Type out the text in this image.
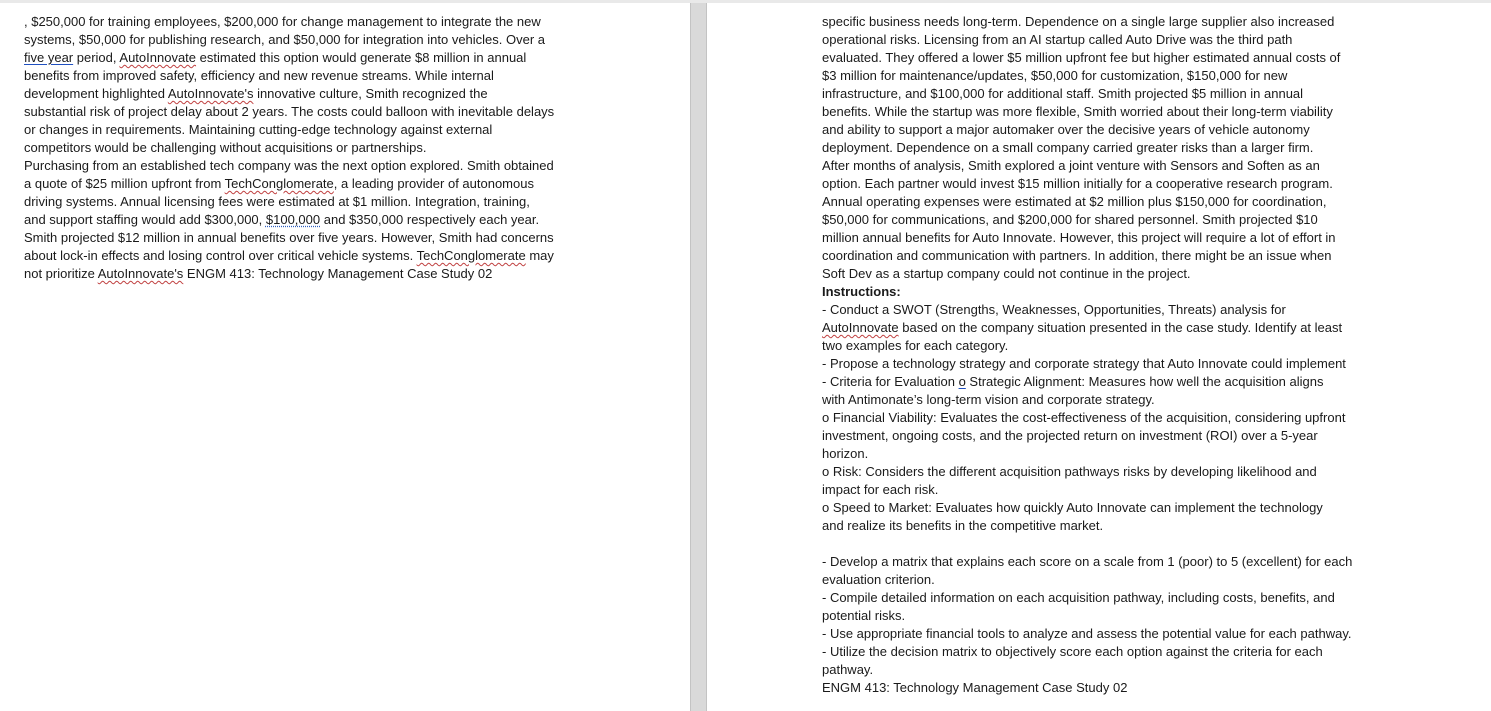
, $250,000 for training employees, $200,000 for change management to integrate the new
systems, $50,000 for publishing research, and $50,000 for integration into vehicles. Over a
five year period, AutoInnovate estimated this option would generate $8 million in annual
benefits from improved safety, efficiency and new revenue streams. While internal
development highlighted AutoInnovate's innovative culture, Smith recognized the
substantial risk of project delay about 2 years. The costs could balloon with inevitable delays
or changes in requirements. Maintaining cutting-edge technology against external
competitors would be challenging without acquisitions or partnerships.
Purchasing from an established tech company was the next option explored. Smith obtained
a quote of $25 million upfront from TechConglomerate, a leading provider of autonomous
driving systems. Annual licensing fees were estimated at $1 million. Integration, training,
and support staffing would add $300,000, $100,000 and $350,000 respectively each year.
Smith projected $12 million in annual benefits over five years. However, Smith had concerns
about lock-in effects and losing control over critical vehicle systems. TechConglomerate may
not prioritize AutoInnovate's ENGM 413: Technology Management Case Study 02
specific business needs long-term. Dependence on a single large supplier also increased
operational risks. Licensing from an AI startup called Auto Drive was the third path
evaluated. They offered a lower $5 million upfront fee but higher estimated annual costs of
$3 million for maintenance/updates, $50,000 for customization, $150,000 for new
infrastructure, and $100,000 for additional staff. Smith projected $5 million in annual
benefits. While the startup was more flexible, Smith worried about their long-term viability
and ability to support a major automaker over the decisive years of vehicle autonomy
deployment. Dependence on a small company carried greater risks than a larger firm.
After months of analysis, Smith explored a joint venture with Sensors and Soften as an
option. Each partner would invest $15 million initially for a cooperative research program.
Annual operating expenses were estimated at $2 million plus $150,000 for coordination,
$50,000 for communications, and $200,000 for shared personnel. Smith projected $10
million annual benefits for Auto Innovate. However, this project will require a lot of effort in
coordination and communication with partners. In addition, there might be an issue when
Soft Dev as a startup company could not continue in the project.
Instructions:
- Conduct a SWOT (Strengths, Weaknesses, Opportunities, Threats) analysis for
AutoInnovate based on the company situation presented in the case study. Identify at least
two examples for each category.
- Propose a technology strategy and corporate strategy that Auto Innovate could implement
- Criteria for Evaluation o Strategic Alignment: Measures how well the acquisition aligns
with Antimonate’s long-term vision and corporate strategy.
o Financial Viability: Evaluates the cost-effectiveness of the acquisition, considering upfront
investment, ongoing costs, and the projected return on investment (ROI) over a 5-year
horizon.
o Risk: Considers the different acquisition pathways risks by developing likelihood and
impact for each risk.
o Speed to Market: Evaluates how quickly Auto Innovate can implement the technology
and realize its benefits in the competitive market.
- Develop a matrix that explains each score on a scale from 1 (poor) to 5 (excellent) for each
evaluation criterion.
- Compile detailed information on each acquisition pathway, including costs, benefits, and
potential risks.
- Use appropriate financial tools to analyze and assess the potential value for each pathway.
- Utilize the decision matrix to objectively score each option against the criteria for each
pathway.
ENGM 413: Technology Management Case Study 02
